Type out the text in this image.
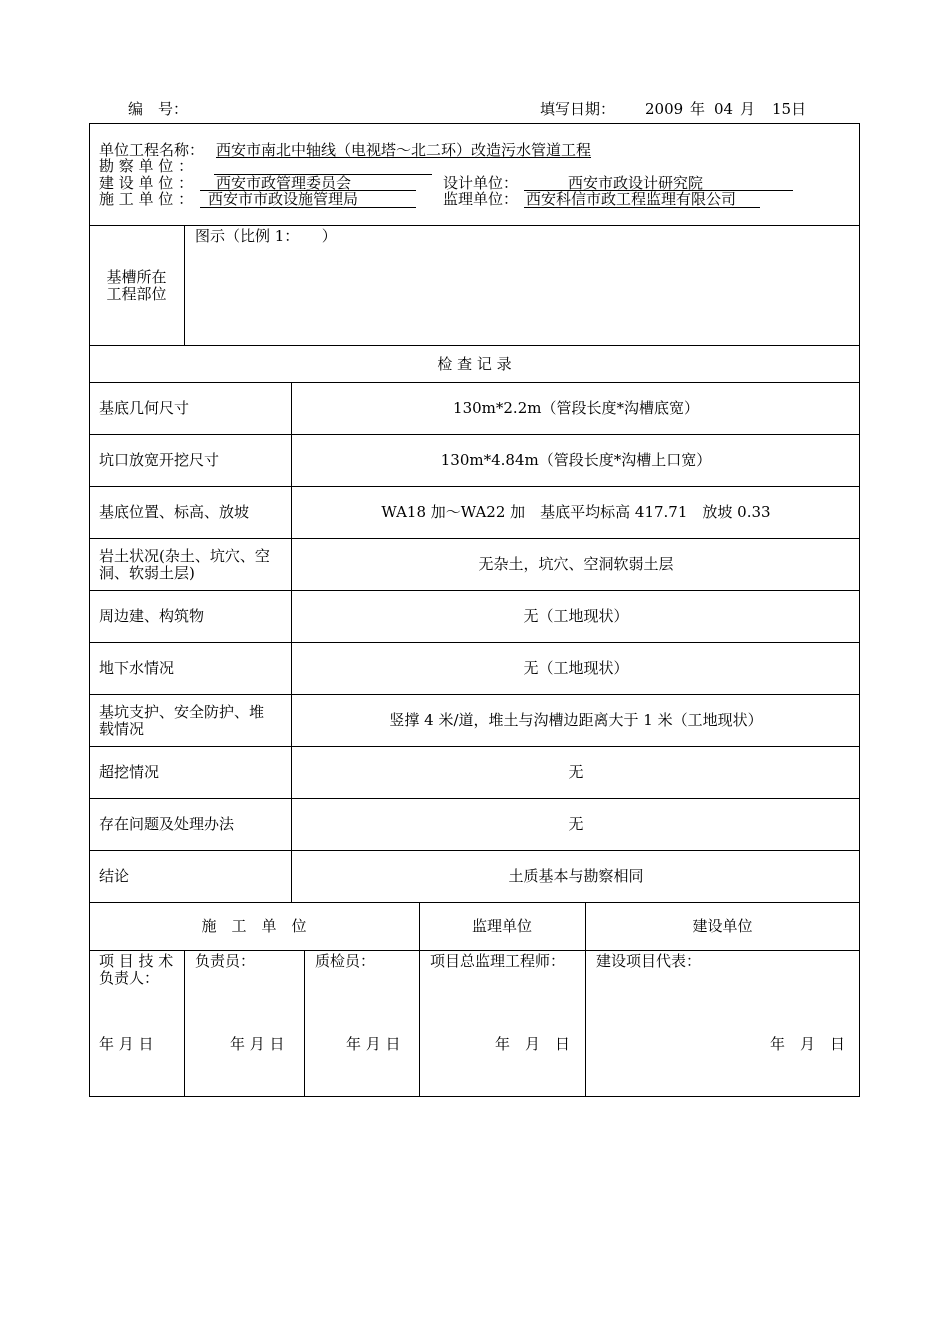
编　号：	填写日期： 2009 年 04 月 15日
单位工程名称： 西安市南北中轴线（电视塔～北二环）改造污水管道工程
勘 察 单 位 ：
建 设 单 位 ： 西安市政管理委员会	设计单位：	西安市政设计研究院
施 工 单 位 ： 西安市市政设施管理局	监理单位： 西安科信市政工程监理有限公司
基槽所在
工程部位
图示（比例 1：　　）
检 查 记 录
基底几何尺寸	130m*2.2m（管段长度*沟槽底宽）
坑口放宽开挖尺寸	130m*4.84m（管段长度*沟槽上口宽）
基底位置、标高、放坡	WA18 加～WA22 加　基底平均标高 417.71　放坡 0.33
岩土状况(杂土、坑穴、空
洞、软弱土层)	无杂土，坑穴、空洞软弱土层
周边建、构筑物	无（工地现状）
地下水情况	无（工地现状）
基坑支护、安全防护、堆
载情况	竖撑 4 米/道，堆土与沟槽边距离大于 1 米（工地现状）
超挖情况	无
存在问题及处理办法	无
结论	土质基本与勘察相同
施　工　单　位	监理单位	建设单位
项 目 技 术
负责人：
负责员：	质检员：	项目总监理工程师： 建设项目代表：
年 月 日	年 月 日	年 月 日	年　月　日	年　月　日
